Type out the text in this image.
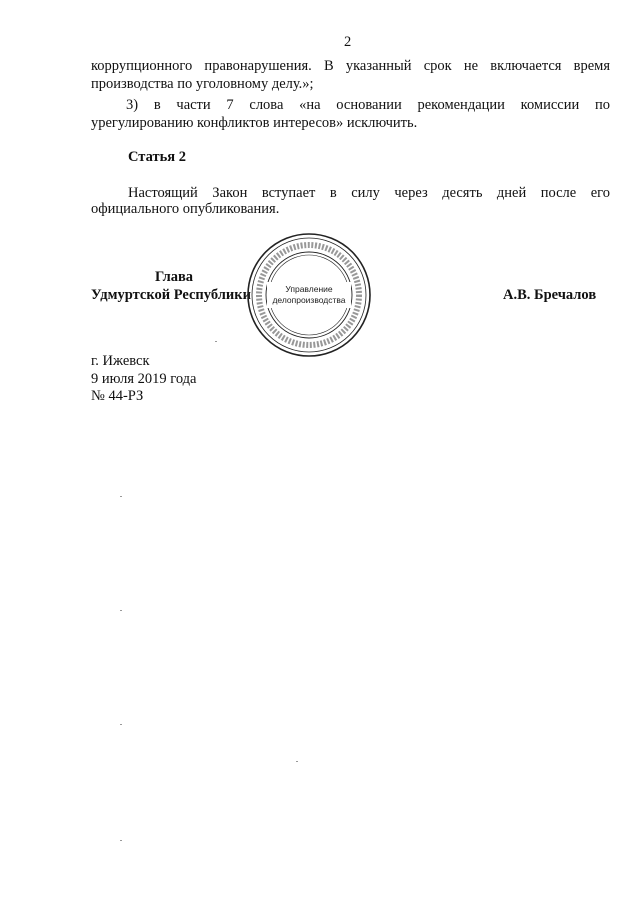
2
коррупционного правонарушения. В указанный срок не включается время
производства по уголовному делу.»;
3) в части 7 слова «на основании рекомендации комиссии по
урегулированию конфликтов интересов» исключить.
Статья 2
Настоящий Закон вступает в силу через десять дней после его
официального опубликования.
Глава
Удмуртской Республики	А.В. Бречалов
Управление
делопроизводства
г. Ижевск
9 июля 2019 года
№ 44-РЗ
